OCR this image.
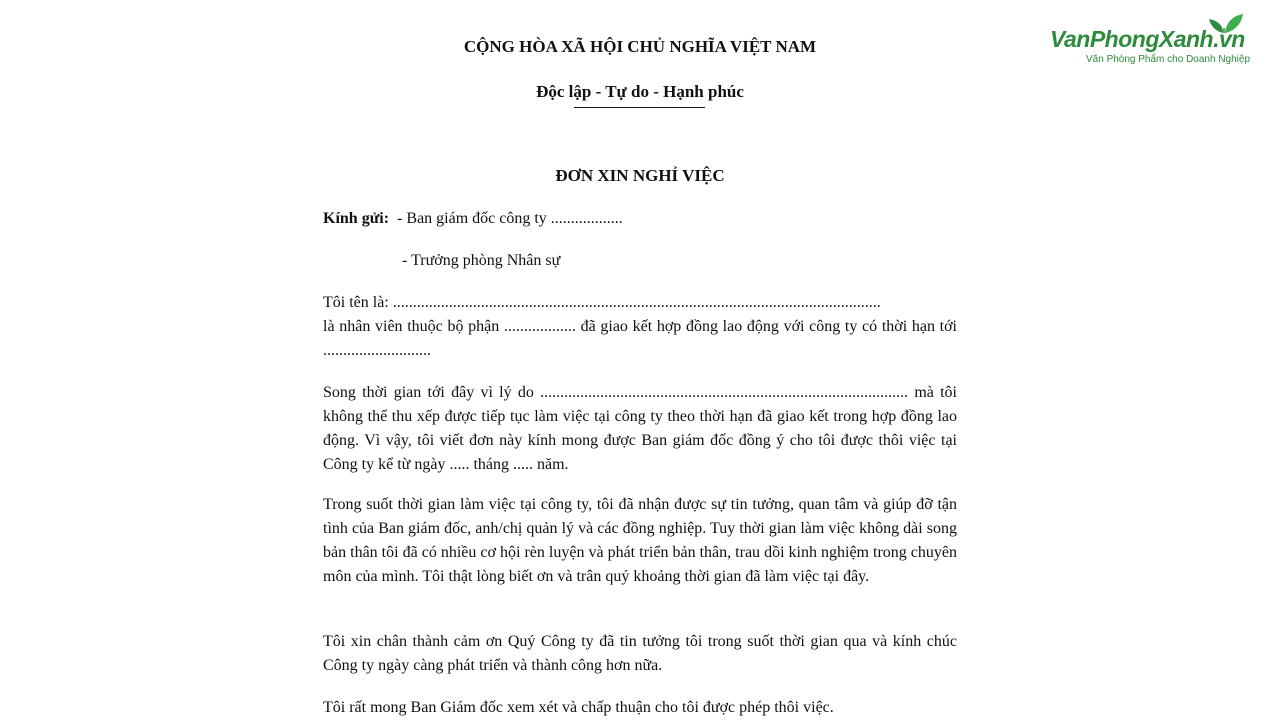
VanPhongXanh.vn
Văn Phòng Phẩm cho Doanh Nghiệp
CỘNG HÒA XÃ HỘI CHỦ NGHĨA VIỆT NAM
Độc lập - Tự do - Hạnh phúc
ĐƠN XIN NGHỈ VIỆC
Kính gửi: - Ban giám đốc công ty ..................
- Trưởng phòng Nhân sự
Tôi tên là: ..........................................................................................................................
là nhân viên thuộc bộ phận .................. đã giao kết hợp đồng lao động với công ty có thời hạn tới ...........................
Song thời gian tới đây vì lý do ............................................................................................ mà tôi không thể thu xếp được tiếp tục làm việc tại công ty theo thời hạn đã giao kết trong hợp đồng lao động. Vì vậy, tôi viết đơn này kính mong được Ban giám đốc đồng ý cho tôi được thôi việc tại Công ty kể từ ngày ..... tháng ..... năm.
Trong suốt thời gian làm việc tại công ty, tôi đã nhận được sự tin tưởng, quan tâm và giúp đỡ tận tình của Ban giám đốc, anh/chị quản lý và các đồng nghiệp. Tuy thời gian làm việc không dài song bản thân tôi đã có nhiều cơ hội rèn luyện và phát triển bản thân, trau dồi kinh nghiệm trong chuyên môn của mình. Tôi thật lòng biết ơn và trân quý khoảng thời gian đã làm việc tại đây.
Tôi xin chân thành cảm ơn Quý Công ty đã tin tưởng tôi trong suốt thời gian qua và kính chúc Công ty ngày càng phát triển và thành công hơn nữa.
Tôi rất mong Ban Giám đốc xem xét và chấp thuận cho tôi được phép thôi việc.
